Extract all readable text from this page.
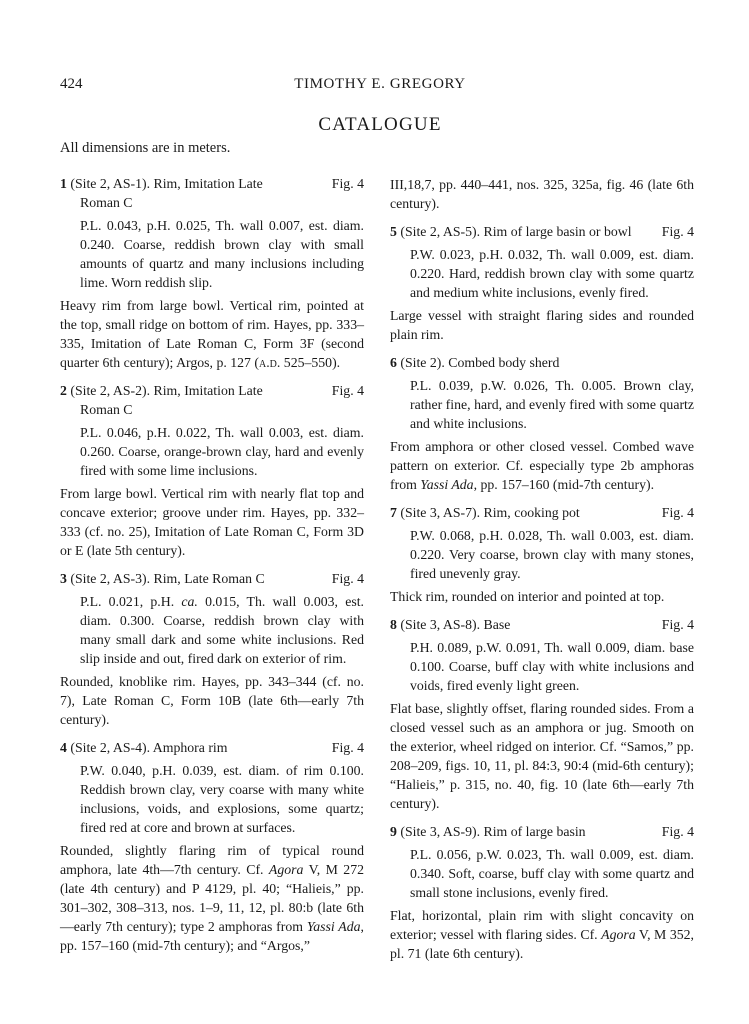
424	TIMOTHY E. GREGORY
CATALOGUE
All dimensions are in meters.
1 (Site 2, AS-1). Rim, Imitation Late
Roman C
Fig. 4
P.L. 0.043, p.H. 0.025, Th. wall 0.007, est. diam. 0.240. Coarse, reddish brown clay with small amounts of quartz and many inclusions including lime. Worn reddish slip.
Heavy rim from large bowl. Vertical rim, pointed at the top, small ridge on bottom of rim. Hayes, pp. 333–335, Imitation of Late Roman C, Form 3F (second quarter 6th century); Argos, p. 127 (a.d. 525–550).
2 (Site 2, AS-2). Rim, Imitation Late
Roman C
Fig. 4
P.L. 0.046, p.H. 0.022, Th. wall 0.003, est. diam. 0.260. Coarse, orange-brown clay, hard and evenly fired with some lime inclusions.
From large bowl. Vertical rim with nearly flat top and concave exterior; groove under rim. Hayes, pp. 332–333 (cf. no. 25), Imitation of Late Roman C, Form 3D or E (late 5th century).
3 (Site 2, AS-3). Rim, Late Roman C	Fig. 4
P.L. 0.021, p.H. ca. 0.015, Th. wall 0.003, est. diam. 0.300. Coarse, reddish brown clay with many small dark and some white inclusions. Red slip inside and out, fired dark on exterior of rim.
Rounded, knoblike rim. Hayes, pp. 343–344 (cf. no. 7), Late Roman C, Form 10B (late 6th—early 7th century).
4 (Site 2, AS-4). Amphora rim	Fig. 4
P.W. 0.040, p.H. 0.039, est. diam. of rim 0.100. Reddish brown clay, very coarse with many white inclusions, voids, and explosions, some quartz; fired red at core and brown at surfaces.
Rounded, slightly flaring rim of typical round amphora, late 4th—7th century. Cf. Agora V, M 272 (late 4th century) and P 4129, pl. 40; “Halieis,” pp. 301–302, 308–313, nos. 1–9, 11, 12, pl. 80:b (late 6th—early 7th century); type 2 amphoras from Yassi Ada, pp. 157–160 (mid-7th century); and “Argos,”
III,18,7, pp. 440–441, nos. 325, 325a, fig. 46 (late 6th century).
5 (Site 2, AS-5). Rim of large basin or bowl	Fig. 4
P.W. 0.023, p.H. 0.032, Th. wall 0.009, est. diam. 0.220. Hard, reddish brown clay with some quartz and medium white inclusions, evenly fired.
Large vessel with straight flaring sides and rounded plain rim.
6 (Site 2). Combed body sherd
P.L. 0.039, p.W. 0.026, Th. 0.005. Brown clay, rather fine, hard, and evenly fired with some quartz and white inclusions.
From amphora or other closed vessel. Combed wave pattern on exterior. Cf. especially type 2b amphoras from Yassi Ada, pp. 157–160 (mid-7th century).
7 (Site 3, AS-7). Rim, cooking pot	Fig. 4
P.W. 0.068, p.H. 0.028, Th. wall 0.003, est. diam. 0.220. Very coarse, brown clay with many stones, fired unevenly gray.
Thick rim, rounded on interior and pointed at top.
8 (Site 3, AS-8). Base	Fig. 4
P.H. 0.089, p.W. 0.091, Th. wall 0.009, diam. base 0.100. Coarse, buff clay with white inclusions and voids, fired evenly light green.
Flat base, slightly offset, flaring rounded sides. From a closed vessel such as an amphora or jug. Smooth on the exterior, wheel ridged on interior. Cf. “Samos,” pp. 208–209, figs. 10, 11, pl. 84:3, 90:4 (mid-6th century); “Halieis,” p. 315, no. 40, fig. 10 (late 6th—early 7th century).
9 (Site 3, AS-9). Rim of large basin	Fig. 4
P.L. 0.056, p.W. 0.023, Th. wall 0.009, est. diam. 0.340. Soft, coarse, buff clay with some quartz and small stone inclusions, evenly fired.
Flat, horizontal, plain rim with slight concavity on exterior; vessel with flaring sides. Cf. Agora V, M 352, pl. 71 (late 6th century).
